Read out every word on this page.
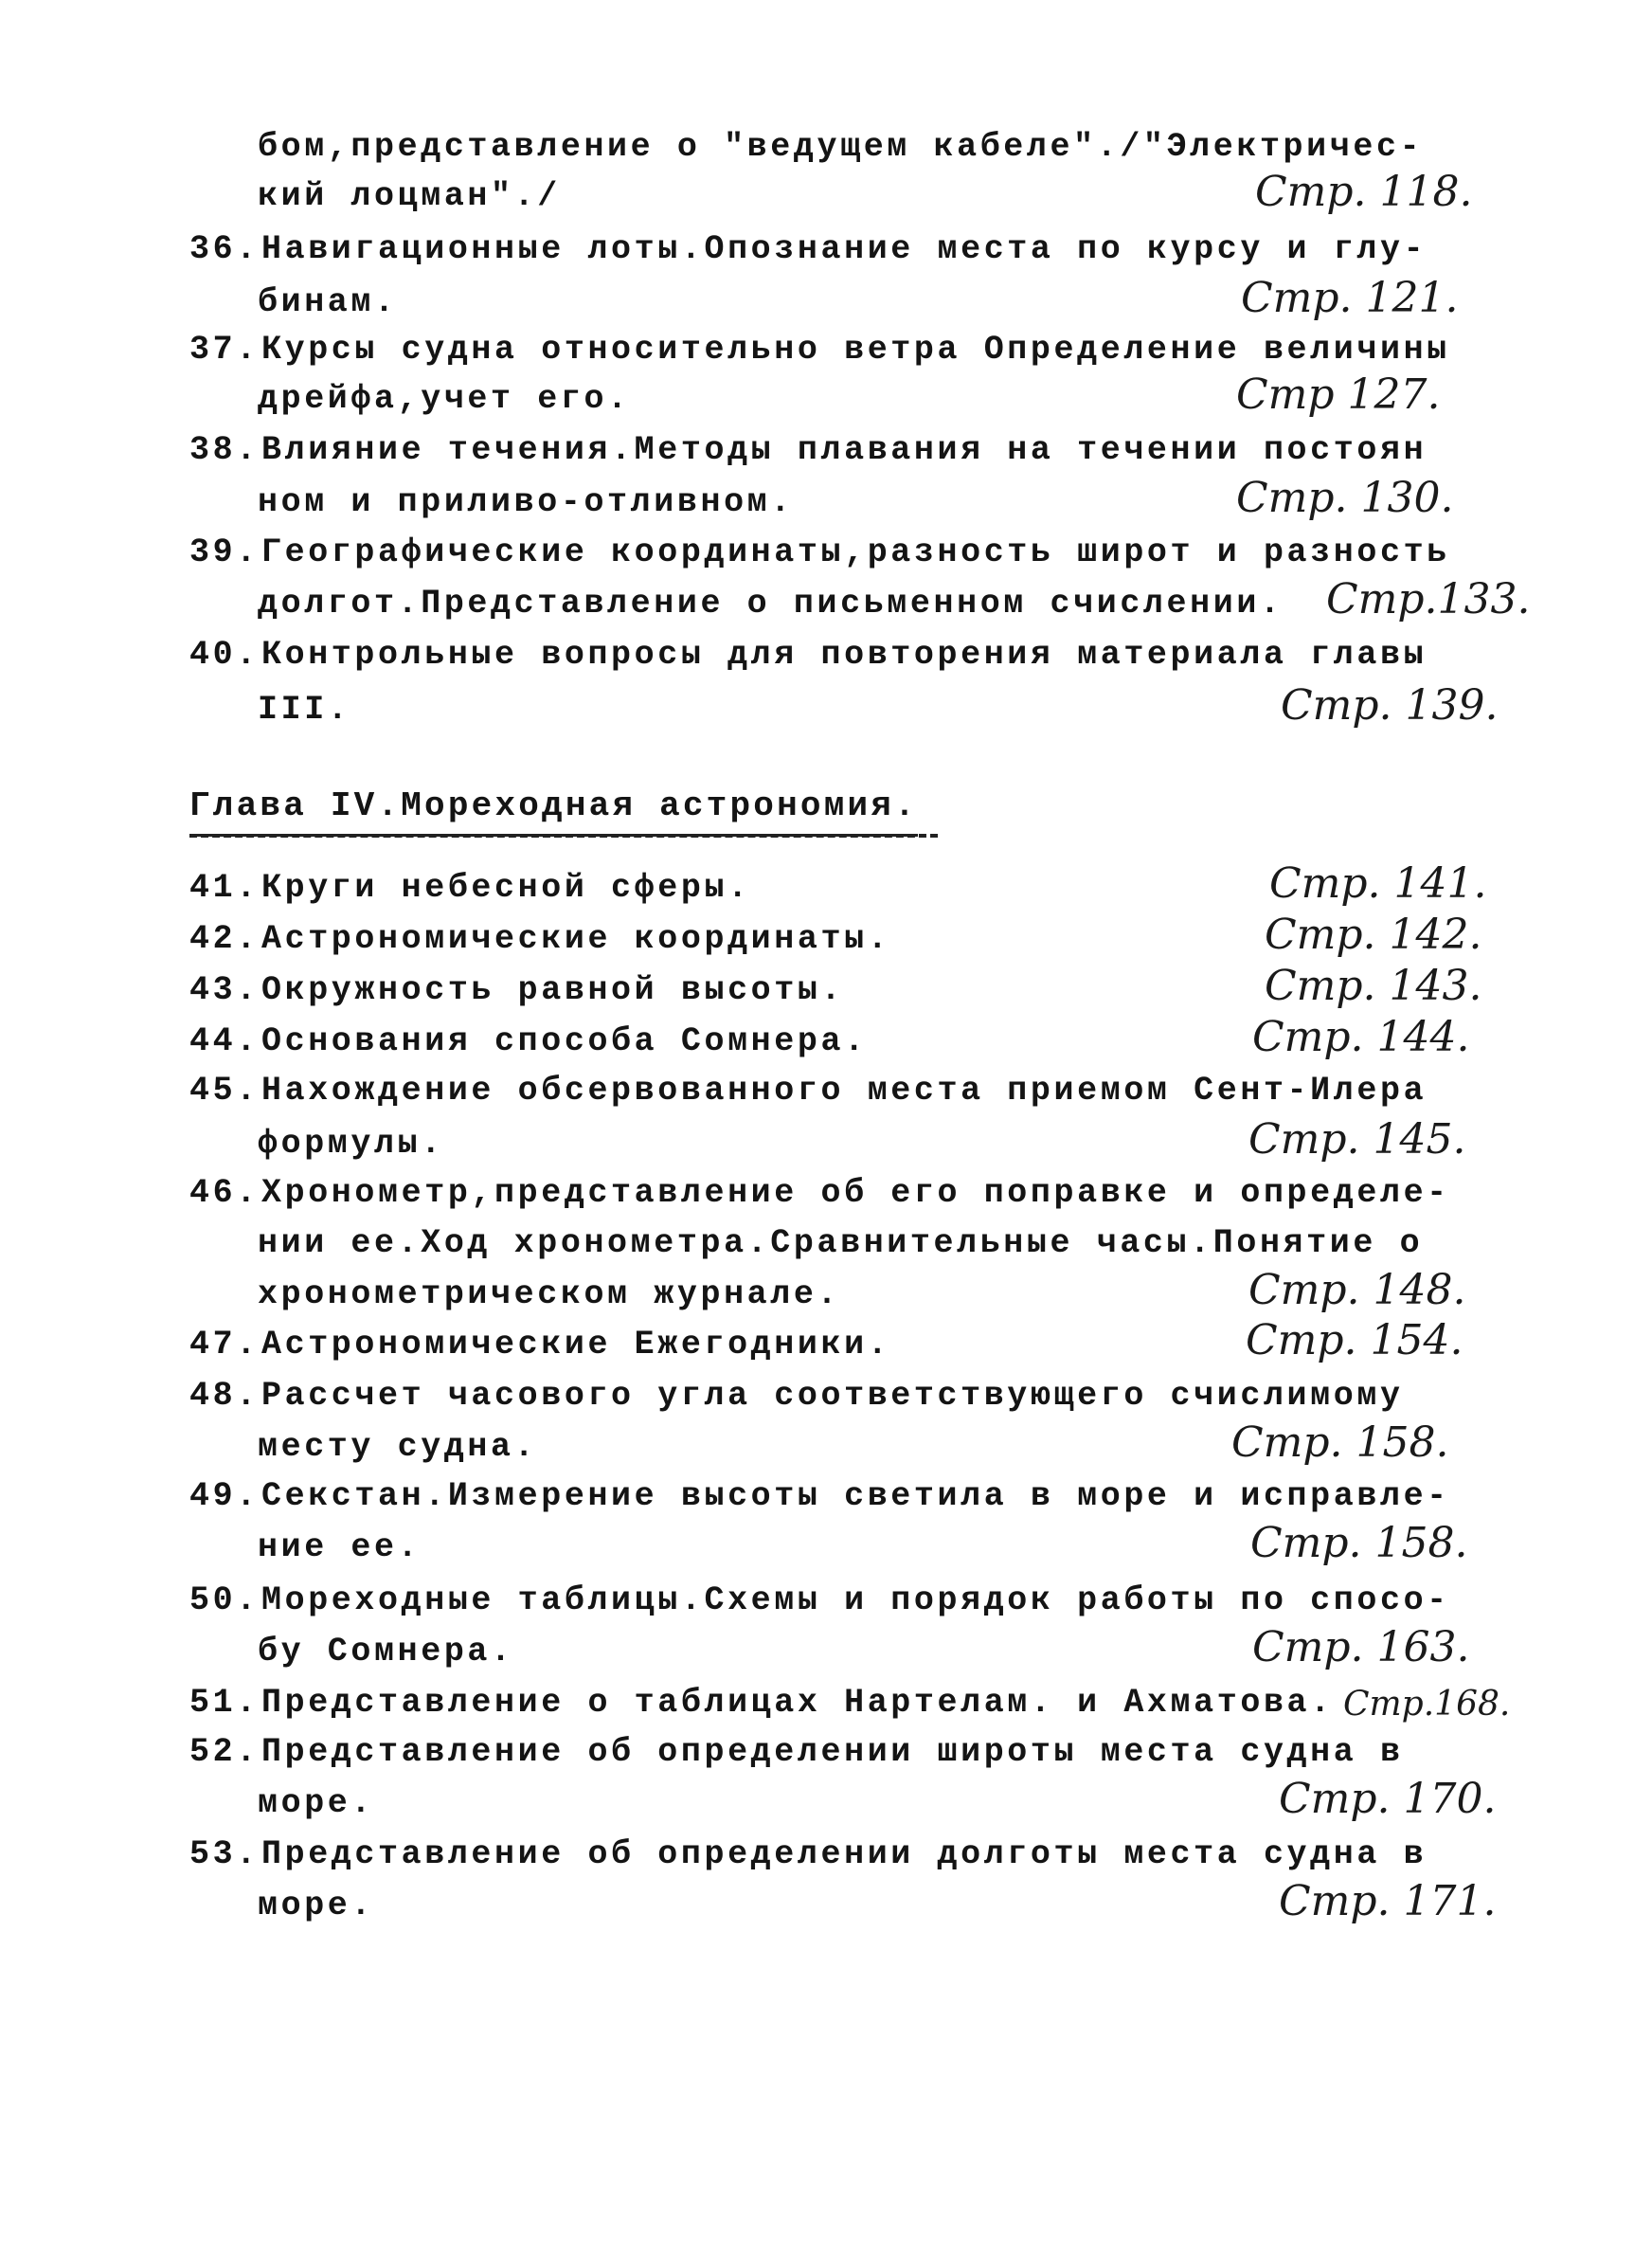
бом,представление о "ведущем кабеле"./"Электричес-
кий лоцман"./	Стр. 118.
36. Навигационные лоты.Опознание места по курсу и глу-
бинам.	Стр. 121.
37. Курсы судна относительно ветра Определение величины
дрейфа,учет его.	Стр 127.
38. Влияние течения.Методы плавания на течении постоян
ном и приливо-отливном.	Стр. 130.
39. Географические координаты,разность широт и разность
долгот.Представление о письменном счислении. Стр.133.
40. Контрольные вопросы для повторения материала главы
III.	Стр. 139.
Глава IV.Мореходная астрономия.
41. Круги небесной сферы.	Стр. 141.
42. Астрономические координаты.	Стр. 142.
43. Окружность равной высоты.	Стр. 143.
44. Основания способа Сомнера.	Стр. 144.
45. Нахождение обсервованного места приемом Сент-Илера
формулы.	Стр. 145.
46. Хронометр,представление об его поправке и определе-
нии ее.Ход хронометра.Сравнительные часы.Понятие о
хронометрическом журнале.	Стр. 148.
47. Астрономические Ежегодники.	Стр. 154.
48. Рассчет часового угла соответствующего счислимому
месту судна.	Стр. 158.
49. Секстан.Измерение высоты светила в море и исправле-
ние ее.	Стр. 158.
50. Мореходные таблицы.Схемы и порядок работы по спосо-
бу Сомнера.	Стр. 163.
51. Представление о таблицах Нартелам. и Ахматова. Стр.168.
52. Представление об определении широты места судна в
море.	Стр. 170.
53. Представление об определении долготы места судна в
море.	Стр. 171.
